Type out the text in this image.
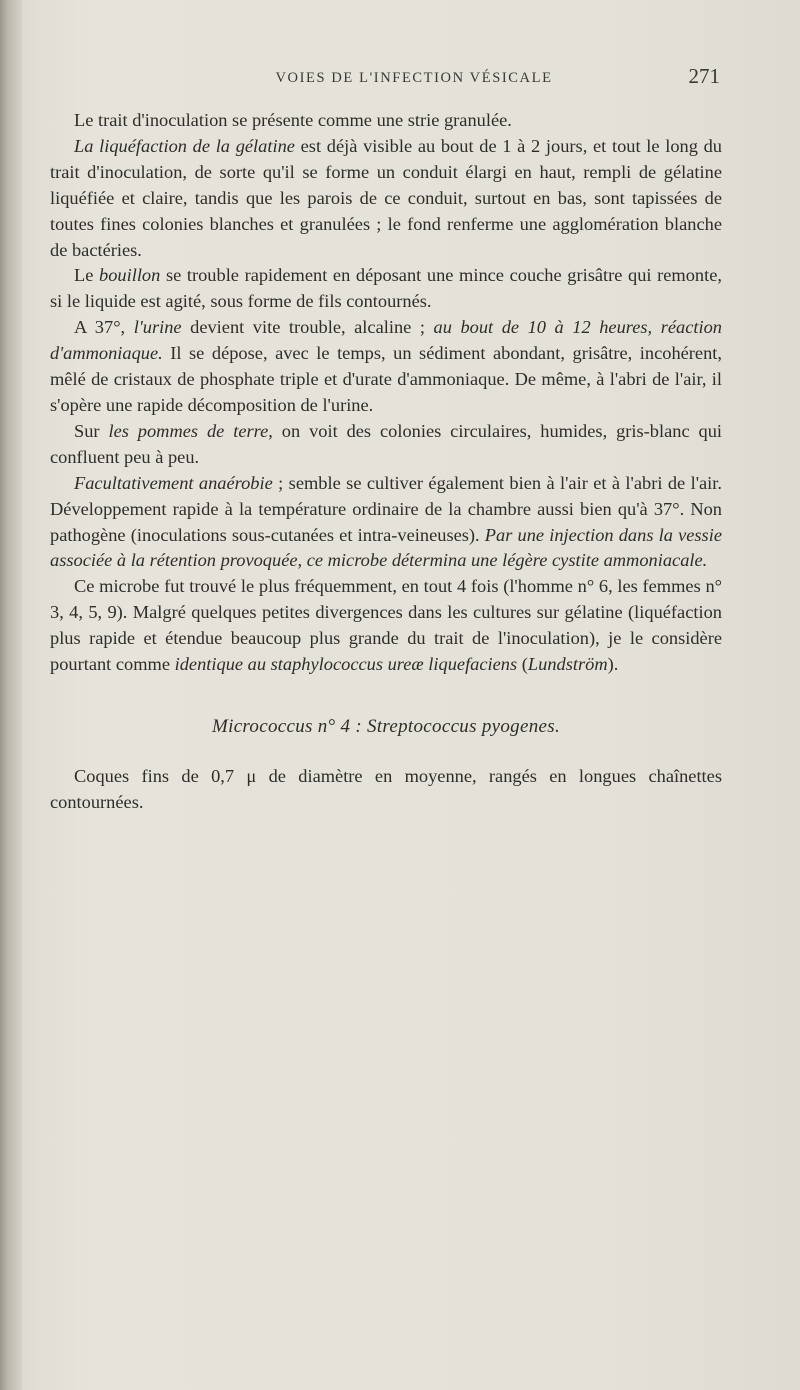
VOIES DE L'INFECTION VÉSICALE	271

Le trait d'inoculation se présente comme une strie granulée.

La liquéfaction de la gélatine est déjà visible au bout de 1 à 2 jours, et tout le long du trait d'inoculation, de sorte qu'il se forme un conduit élargi en haut, rempli de gélatine liquéfiée et claire, tandis que les parois de ce conduit, surtout en bas, sont tapissées de toutes fines colonies blanches et granulées ; le fond renferme une agglomération blanche de bactéries.

Le bouillon se trouble rapidement en déposant une mince couche grisâtre qui remonte, si le liquide est agité, sous forme de fils contournés.

A 37°, l'urine devient vite trouble, alcaline ; au bout de 10 à 12 heures, réaction d'ammoniaque. Il se dépose, avec le temps, un sédiment abondant, grisâtre, incohérent, mêlé de cristaux de phosphate triple et d'urate d'ammoniaque. De même, à l'abri de l'air, il s'opère une rapide décomposition de l'urine.

Sur les pommes de terre, on voit des colonies circulaires, humides, gris-blanc qui confluent peu à peu.

Facultativement anaérobie ; semble se cultiver également bien à l'air et à l'abri de l'air. Développement rapide à la température ordinaire de la chambre aussi bien qu'à 37°. Non pathogène (inoculations sous-cutanées et intra-veineuses). Par une injection dans la vessie associée à la rétention provoquée, ce microbe détermina une légère cystite ammoniacale.

Ce microbe fut trouvé le plus fréquemment, en tout 4 fois (l'homme n° 6, les femmes n° 3, 4, 5, 9). Malgré quelques petites divergences dans les cultures sur gélatine (liquéfaction plus rapide et étendue beaucoup plus grande du trait de l'inoculation), je le considère pourtant comme identique au staphylococcus ureæ liquefaciens (Lundström).

Micrococcus n° 4 : Streptococcus pyogenes.

Coques fins de 0,7 μ de diamètre en moyenne, rangés en longues chaînettes contournées.
